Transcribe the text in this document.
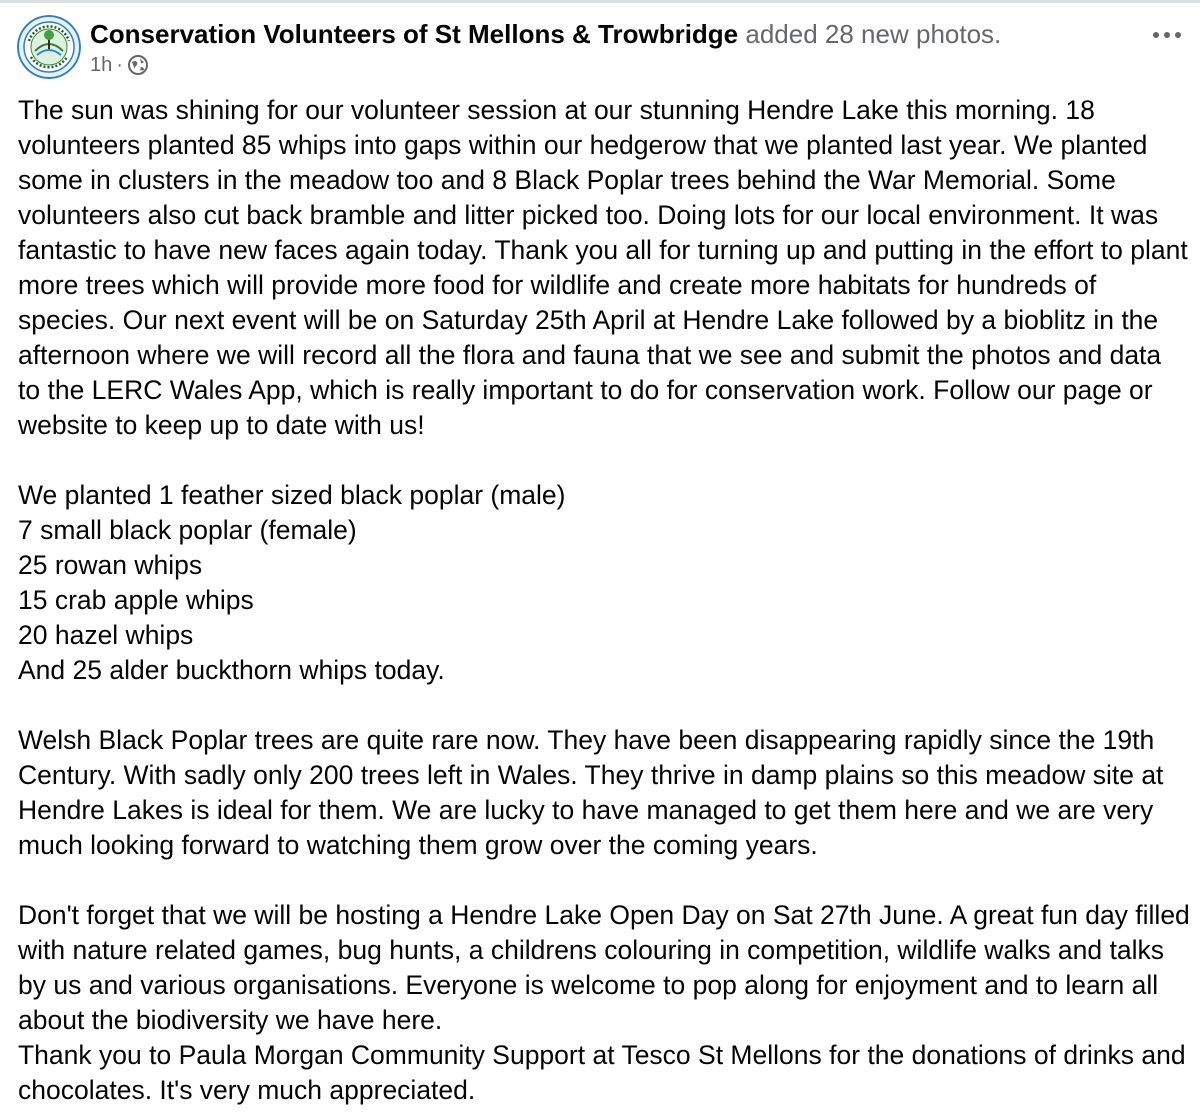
Conservation Volunteers of St Mellons & Trowbridge added 28 new photos.
1h ·

The sun was shining for our volunteer session at our stunning Hendre Lake this morning. 18 volunteers planted 85 whips into gaps within our hedgerow that we planted last year. We planted some in clusters in the meadow too and 8 Black Poplar trees behind the War Memorial. Some volunteers also cut back bramble and litter picked too. Doing lots for our local environment. It was fantastic to have new faces again today. Thank you all for turning up and putting in the effort to plant more trees which will provide more food for wildlife and create more habitats for hundreds of species. Our next event will be on Saturday 25th April at Hendre Lake followed by a bioblitz in the afternoon where we will record all the flora and fauna that we see and submit the photos and data to the LERC Wales App, which is really important to do for conservation work. Follow our page or website to keep up to date with us!

We planted 1 feather sized black poplar (male)

7 small black poplar (female)

25 rowan whips

15 crab apple whips

20 hazel whips

And 25 alder buckthorn whips today.

Welsh Black Poplar trees are quite rare now. They have been disappearing rapidly since the 19th Century. With sadly only 200 trees left in Wales. They thrive in damp plains so this meadow site at Hendre Lakes is ideal for them. We are lucky to have managed to get them here and we are very much looking forward to watching them grow over the coming years.

Don't forget that we will be hosting a Hendre Lake Open Day on Sat 27th June. A great fun day filled with nature related games, bug hunts, a childrens colouring in competition, wildlife walks and talks by us and various organisations. Everyone is welcome to pop along for enjoyment and to learn all about the biodiversity we have here.

Thank you to Paula Morgan Community Support at Tesco St Mellons for the donations of drinks and chocolates. It's very much appreciated.
